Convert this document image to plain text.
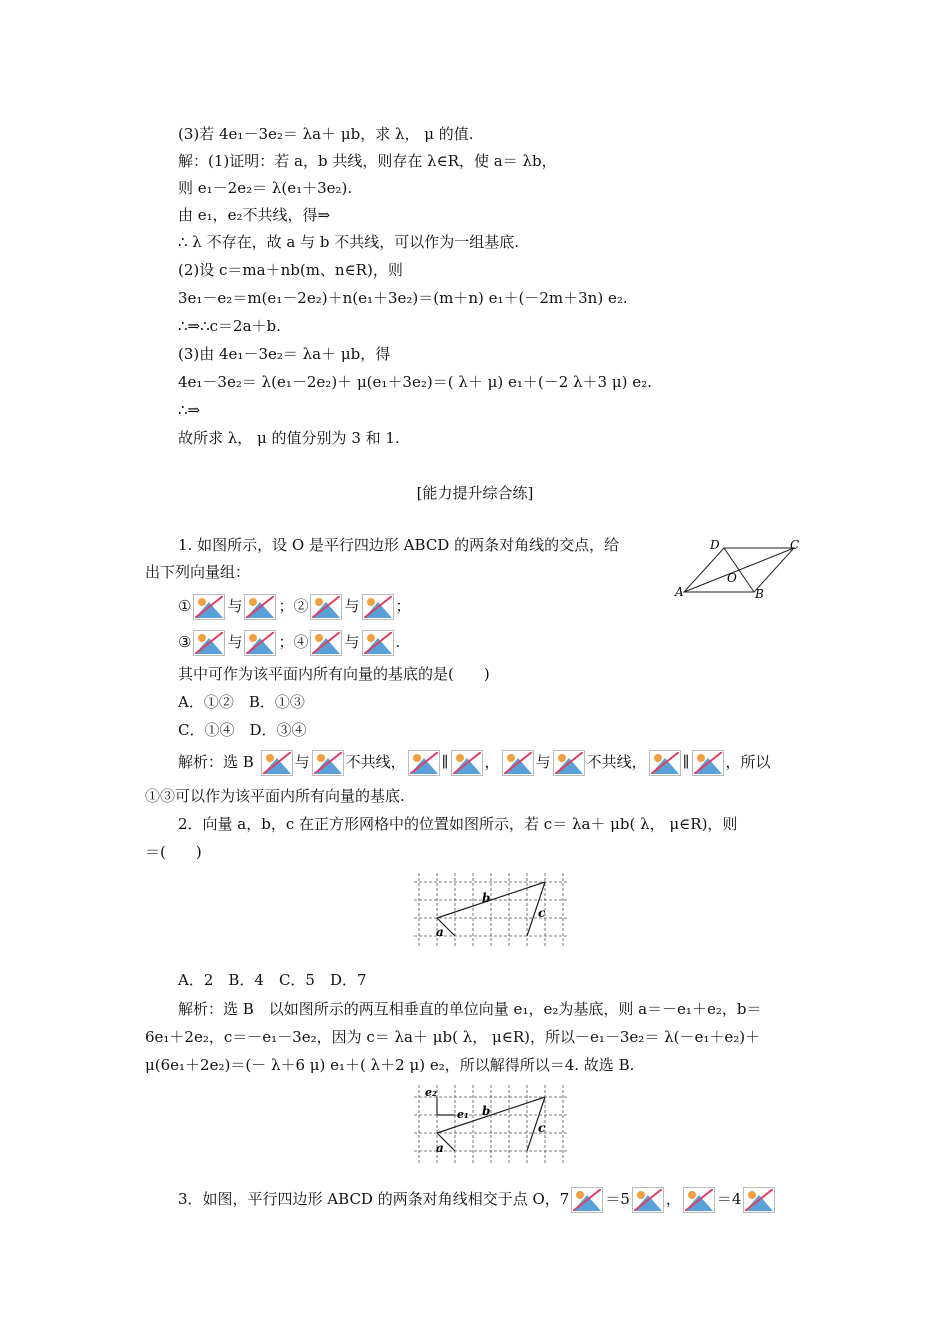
(3)若 4e₁－3e₂＝ λa＋ μb，求 λ， μ 的值.
解：(1)证明：若 a，b 共线，则存在 λ∈R，使 a＝ λb，
则 e₁－2e₂＝ λ(e₁＋3e₂).
由 e₁，e₂不共线，得⇒
∴ λ 不存在，故 a 与 b 不共线，可以作为一组基底.
(2)设 c＝ma＋nb(m、n∈R)，则
3e₁－e₂＝m(e₁－2e₂)＋n(e₁＋3e₂)＝(m＋n) e₁＋(－2m＋3n) e₂.
∴⇒∴c＝2a＋b.
(3)由 4e₁－3e₂＝ λa＋ μb，得
4e₁－3e₂＝ λ(e₁－2e₂)＋ μ(e₁＋3e₂)＝( λ＋ μ) e₁＋(－2 λ＋3 μ) e₂.
∴⇒
故所求 λ， μ 的值分别为 3 和 1.
[能力提升综合练]
1. 如图所示，设 O 是平行四边形 ABCD 的两条对角线的交点，给
出下列向量组：
D	C
O
A	B
① 与 ；② 与 ；
③ 与 ；④ 与 .
其中可作为该平面内所有向量的基底的是(　　)
A．①②　B．①③
C．①④　D．③④
解析：选 B	与 不共线， ∥ ， 与 不共线， ∥ ，所以
①③可以作为该平面内所有向量的基底.
2．向量 a，b，c 在正方形网格中的位置如图所示，若 c＝ λa＋ μb( λ， μ∈R)，则
＝(　　)
b
c
a
A．2　B．4　C．5　D．7
解析：选 B　以如图所示的两互相垂直的单位向量 e₁，e₂为基底，则 a＝－e₁＋e₂，b＝
6e₁＋2e₂，c＝－e₁－3e₂，因为 c＝ λa＋ μb( λ， μ∈R)，所以－e₁－3e₂＝ λ(－e₁＋e₂)＋
μ(6e₁＋2e₂)＝(－ λ＋6 μ) e₁＋( λ＋2 μ) e₂，所以解得所以＝4. 故选 B.
e₂
e₁ b
c
a
3．如图，平行四边形 ABCD 的两条对角线相交于点 O，7 ＝5 ， ＝4
